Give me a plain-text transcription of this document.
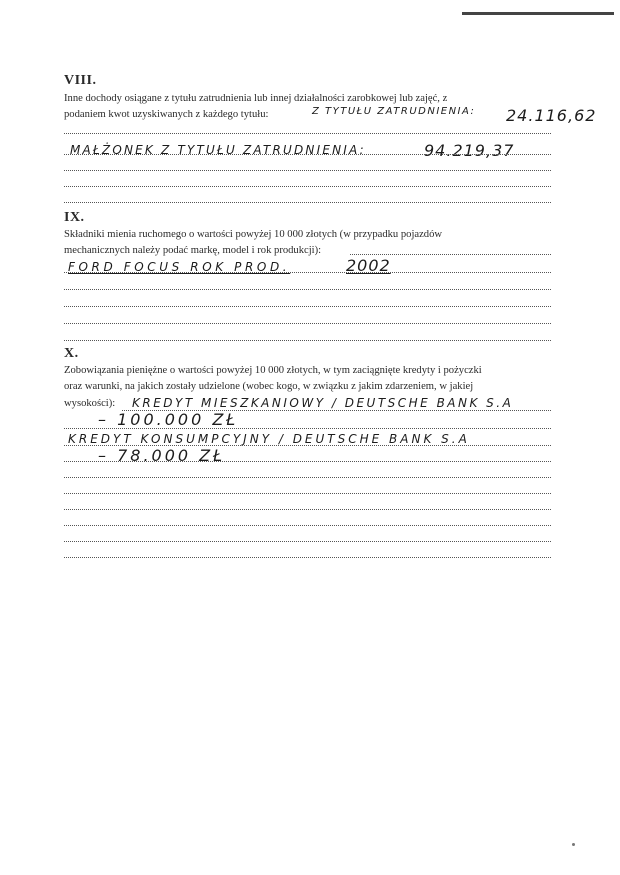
VIII.
Inne dochody osiągane z tytułu zatrudnienia lub innej działalności zarobkowej lub zajęć, z
podaniem kwot uzyskiwanych z każdego tytułu:	Z TYTUŁU ZATRUDNIENIA: 24.116,62
MAŁŻONEK Z TYTUŁU ZATRUDNIENIA:	94.219,37
IX.
Składniki mienia ruchomego o wartości powyżej 10 000 złotych (w przypadku pojazdów
mechanicznych należy podać markę, model i rok produkcji):
FORD FOCUS ROK PROD.	2002
X.
Zobowiązania pieniężne o wartości powyżej 10 000 złotych, w tym zaciągnięte kredyty i pożyczki
oraz warunki, na jakich zostały udzielone (wobec kogo, w związku z jakim zdarzeniem, w jakiej
wysokości): KREDYT MIESZKANIOWY / DEUTSCHE BANK S.A
– 100.000 ZŁ
KREDYT KONSUMPCYJNY / DEUTSCHE BANK S.A
– 78.000 ZŁ
